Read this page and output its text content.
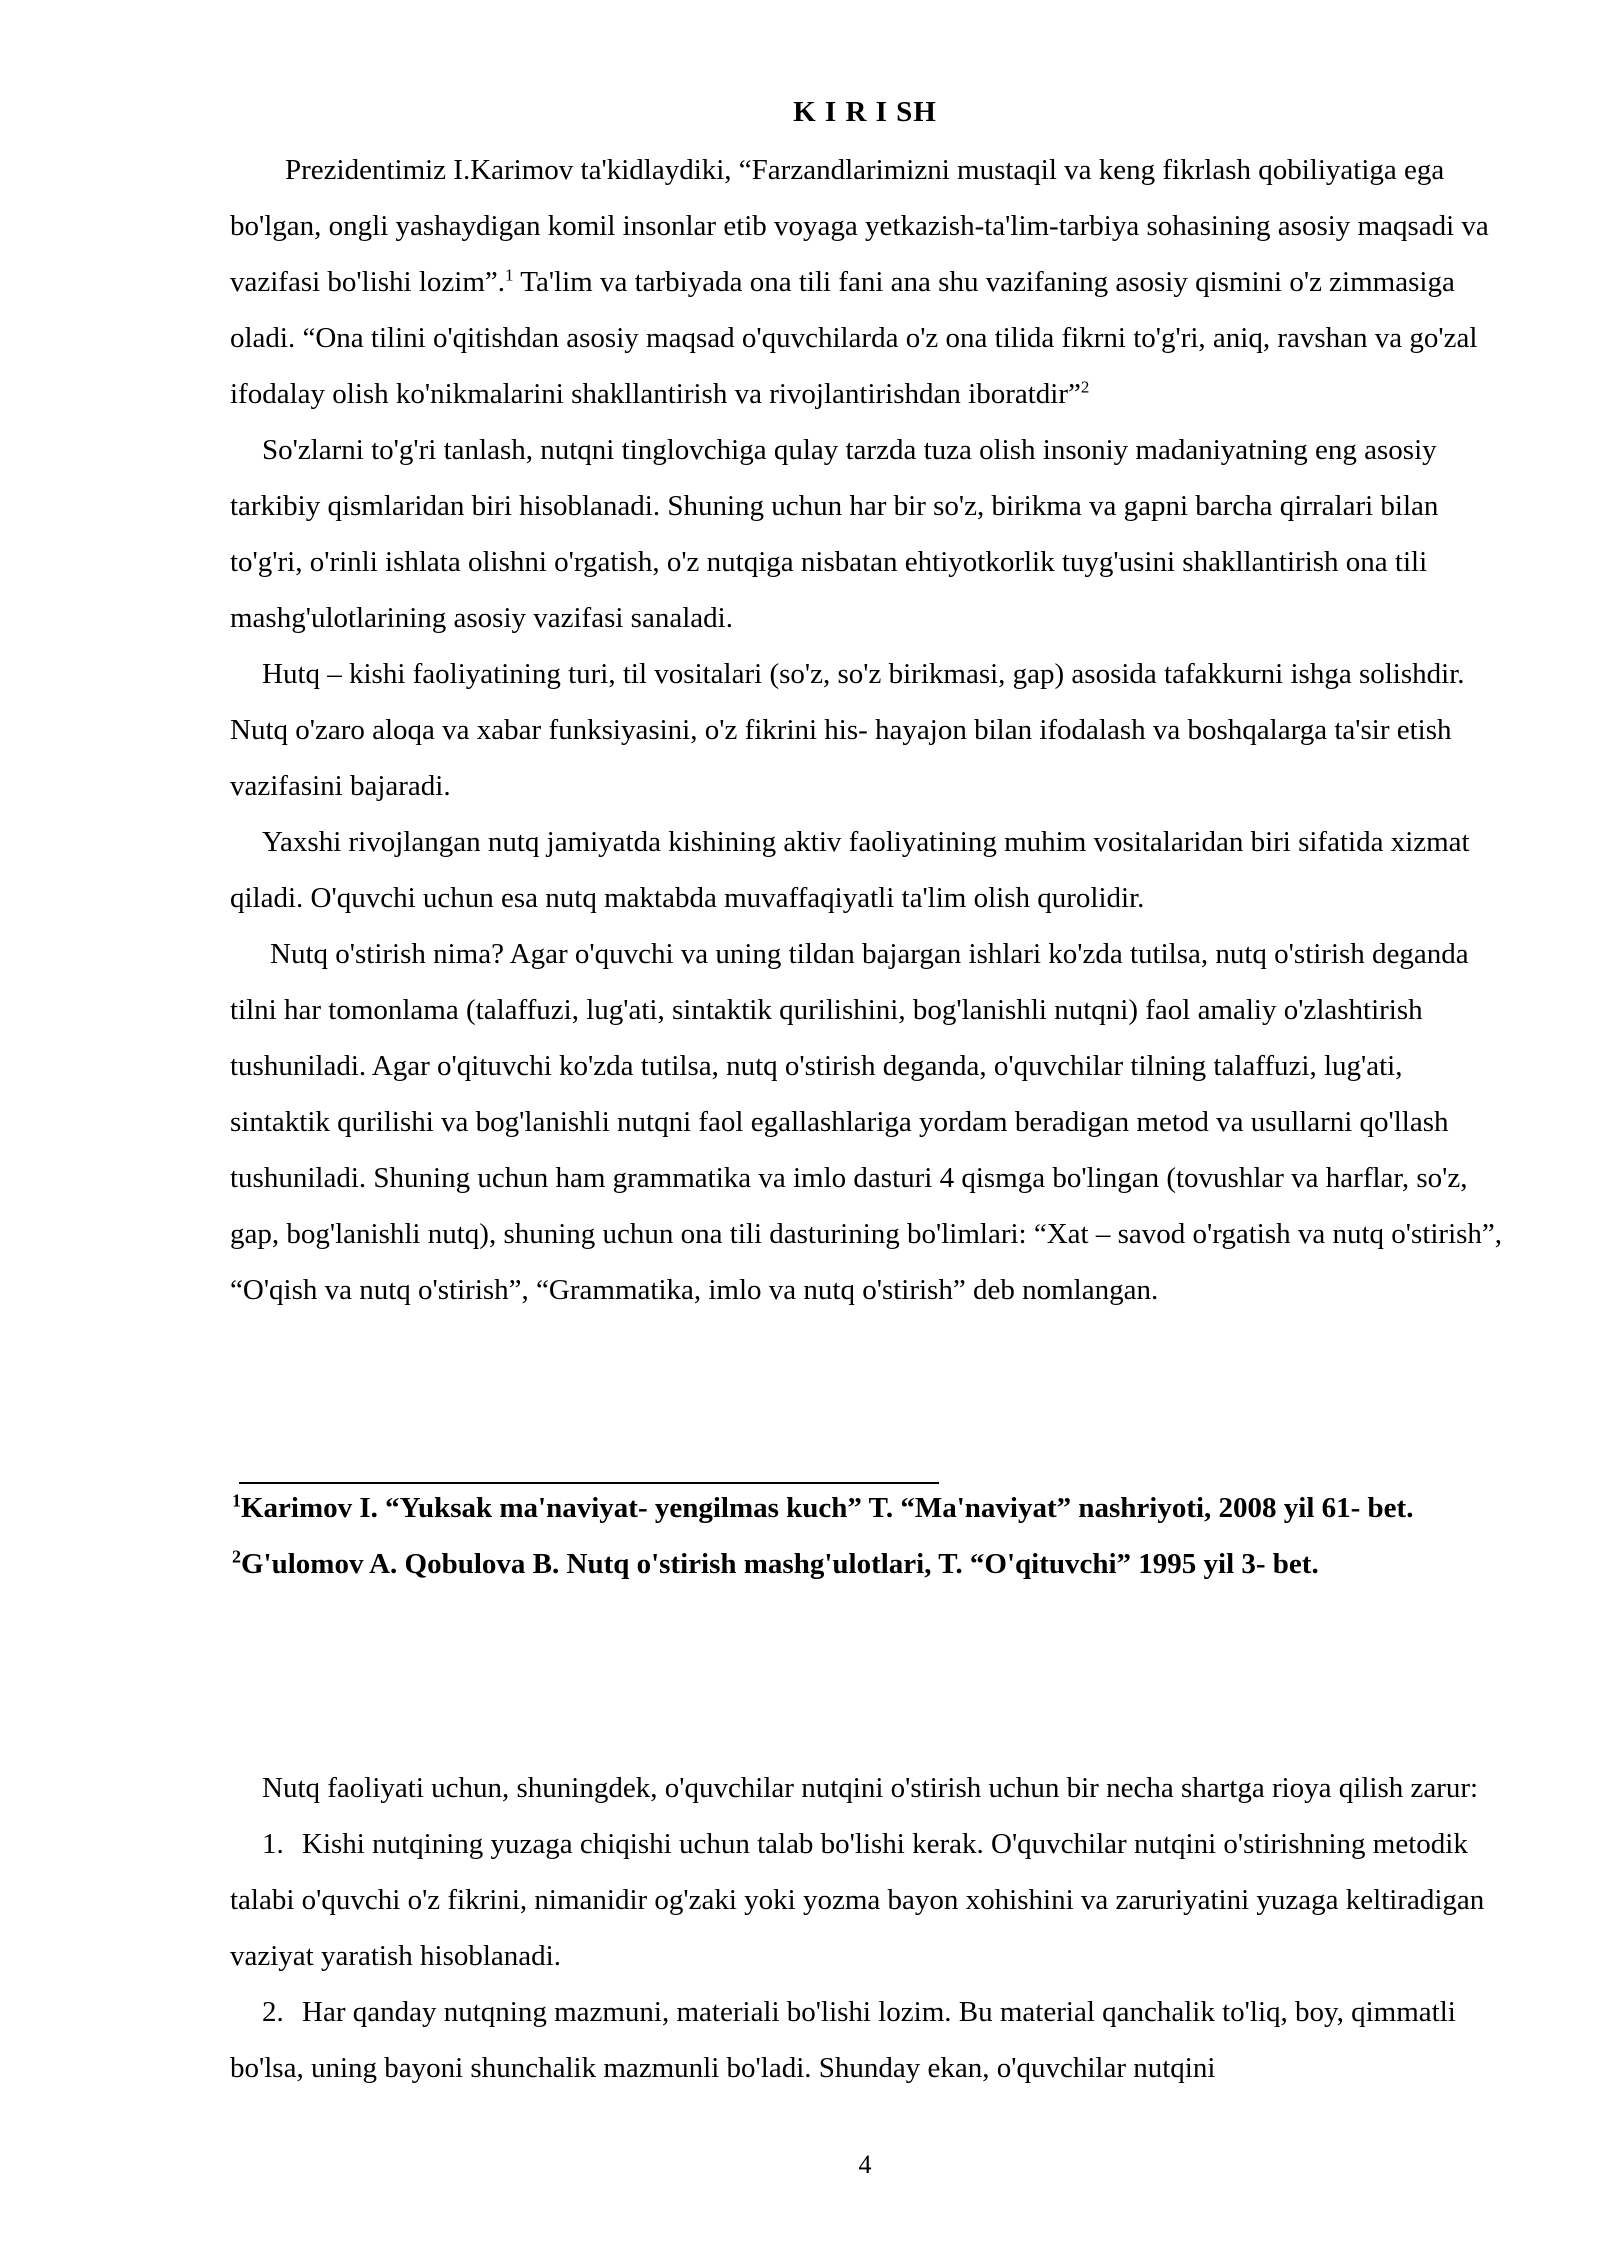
K I R I SH

Prezidentimiz I.Karimov ta'kidlaydiki, “Farzandlarimizni mustaqil va keng fikrlash qobiliyatiga ega bo'lgan, ongli yashaydigan komil insonlar etib voyaga yetkazish-ta'lim-tarbiya sohasining asosiy maqsadi va vazifasi bo'lishi lozim”.$^1$ Ta'lim va tarbiyada ona tili fani ana shu vazifaning asosiy qismini o'z zimmasiga oladi. “Ona tilini o'qitishdan asosiy maqsad o'quvchilarda o'z ona tilida fikrni to'g'ri, aniq, ravshan va go'zal ifodalay olish ko'nikmalarini shakllantirish va rivojlantirishdan iboratdir”$^2$

So'zlarni to'g'ri tanlash, nutqni tinglovchiga qulay tarzda tuza olish insoniy madaniyatning eng asosiy tarkibiy qismlaridan biri hisoblanadi. Shuning uchun har bir so'z, birikma va gapni barcha qirralari bilan to'g'ri, o'rinli ishlata olishni o'rgatish, o'z nutqiga nisbatan ehtiyotkorlik tuyg'usini shakllantirish ona tili mashg'ulotlarining asosiy vazifasi sanaladi.

Hutq – kishi faoliyatining turi, til vositalari (so'z, so'z birikmasi, gap) asosida tafakkurni ishga solishdir. Nutq o'zaro aloqa va xabar funksiyasini, o'z fikrini his- hayajon bilan ifodalash va boshqalarga ta'sir etish vazifasini bajaradi.

Yaxshi rivojlangan nutq jamiyatda kishining aktiv faoliyatining muhim vositalaridan biri sifatida xizmat qiladi. O'quvchi uchun esa nutq maktabda muvaffaqiyatli ta'lim olish qurolidir.

Nutq o'stirish nima? Agar o'quvchi va uning tildan bajargan ishlari ko'zda tutilsa, nutq o'stirish deganda tilni har tomonlama (talaffuzi, lug'ati, sintaktik qurilishini, bog'lanishli nutqni) faol amaliy o'zlashtirish tushuniladi. Agar o'qituvchi ko'zda tutilsa, nutq o'stirish deganda, o'quvchilar tilning talaffuzi, lug'ati, sintaktik qurilishi va bog'lanishli nutqni faol egallashlariga yordam beradigan metod va usullarni qo'llash tushuniladi. Shuning uchun ham grammatika va imlo dasturi 4 qismga bo'lingan (tovushlar va harflar, so'z, gap, bog'lanishli nutq), shuning uchun ona tili dasturining bo'limlari: “Xat – savod o'rgatish va nutq o'stirish”, “O'qish va nutq o'stirish”, “Grammatika, imlo va nutq o'stirish” deb nomlangan.

$^1$Karimov I. “Yuksak ma'naviyat- yengilmas kuch” T. “Ma'naviyat” nashriyoti, 2008 yil 61- bet.

$^2$G'ulomov A. Qobulova B. Nutq o'stirish mashg'ulotlari, T. “O'qituvchi” 1995 yil 3- bet.

Nutq faoliyati uchun, shuningdek, o'quvchilar nutqini o'stirish uchun bir necha shartga rioya qilish zarur:

1. Kishi nutqining yuzaga chiqishi uchun talab bo'lishi kerak. O'quvchilar nutqini o'stirishning metodik talabi o'quvchi o'z fikrini, nimanidir og'zaki yoki yozma bayon xohishini va zaruriyatini yuzaga keltiradigan vaziyat yaratish hisoblanadi.

2. Har qanday nutqning mazmuni, materiali bo'lishi lozim. Bu material qanchalik to'liq, boy, qimmatli bo'lsa, uning bayoni shunchalik mazmunli bo'ladi. Shunday ekan, o'quvchilar nutqini

4
